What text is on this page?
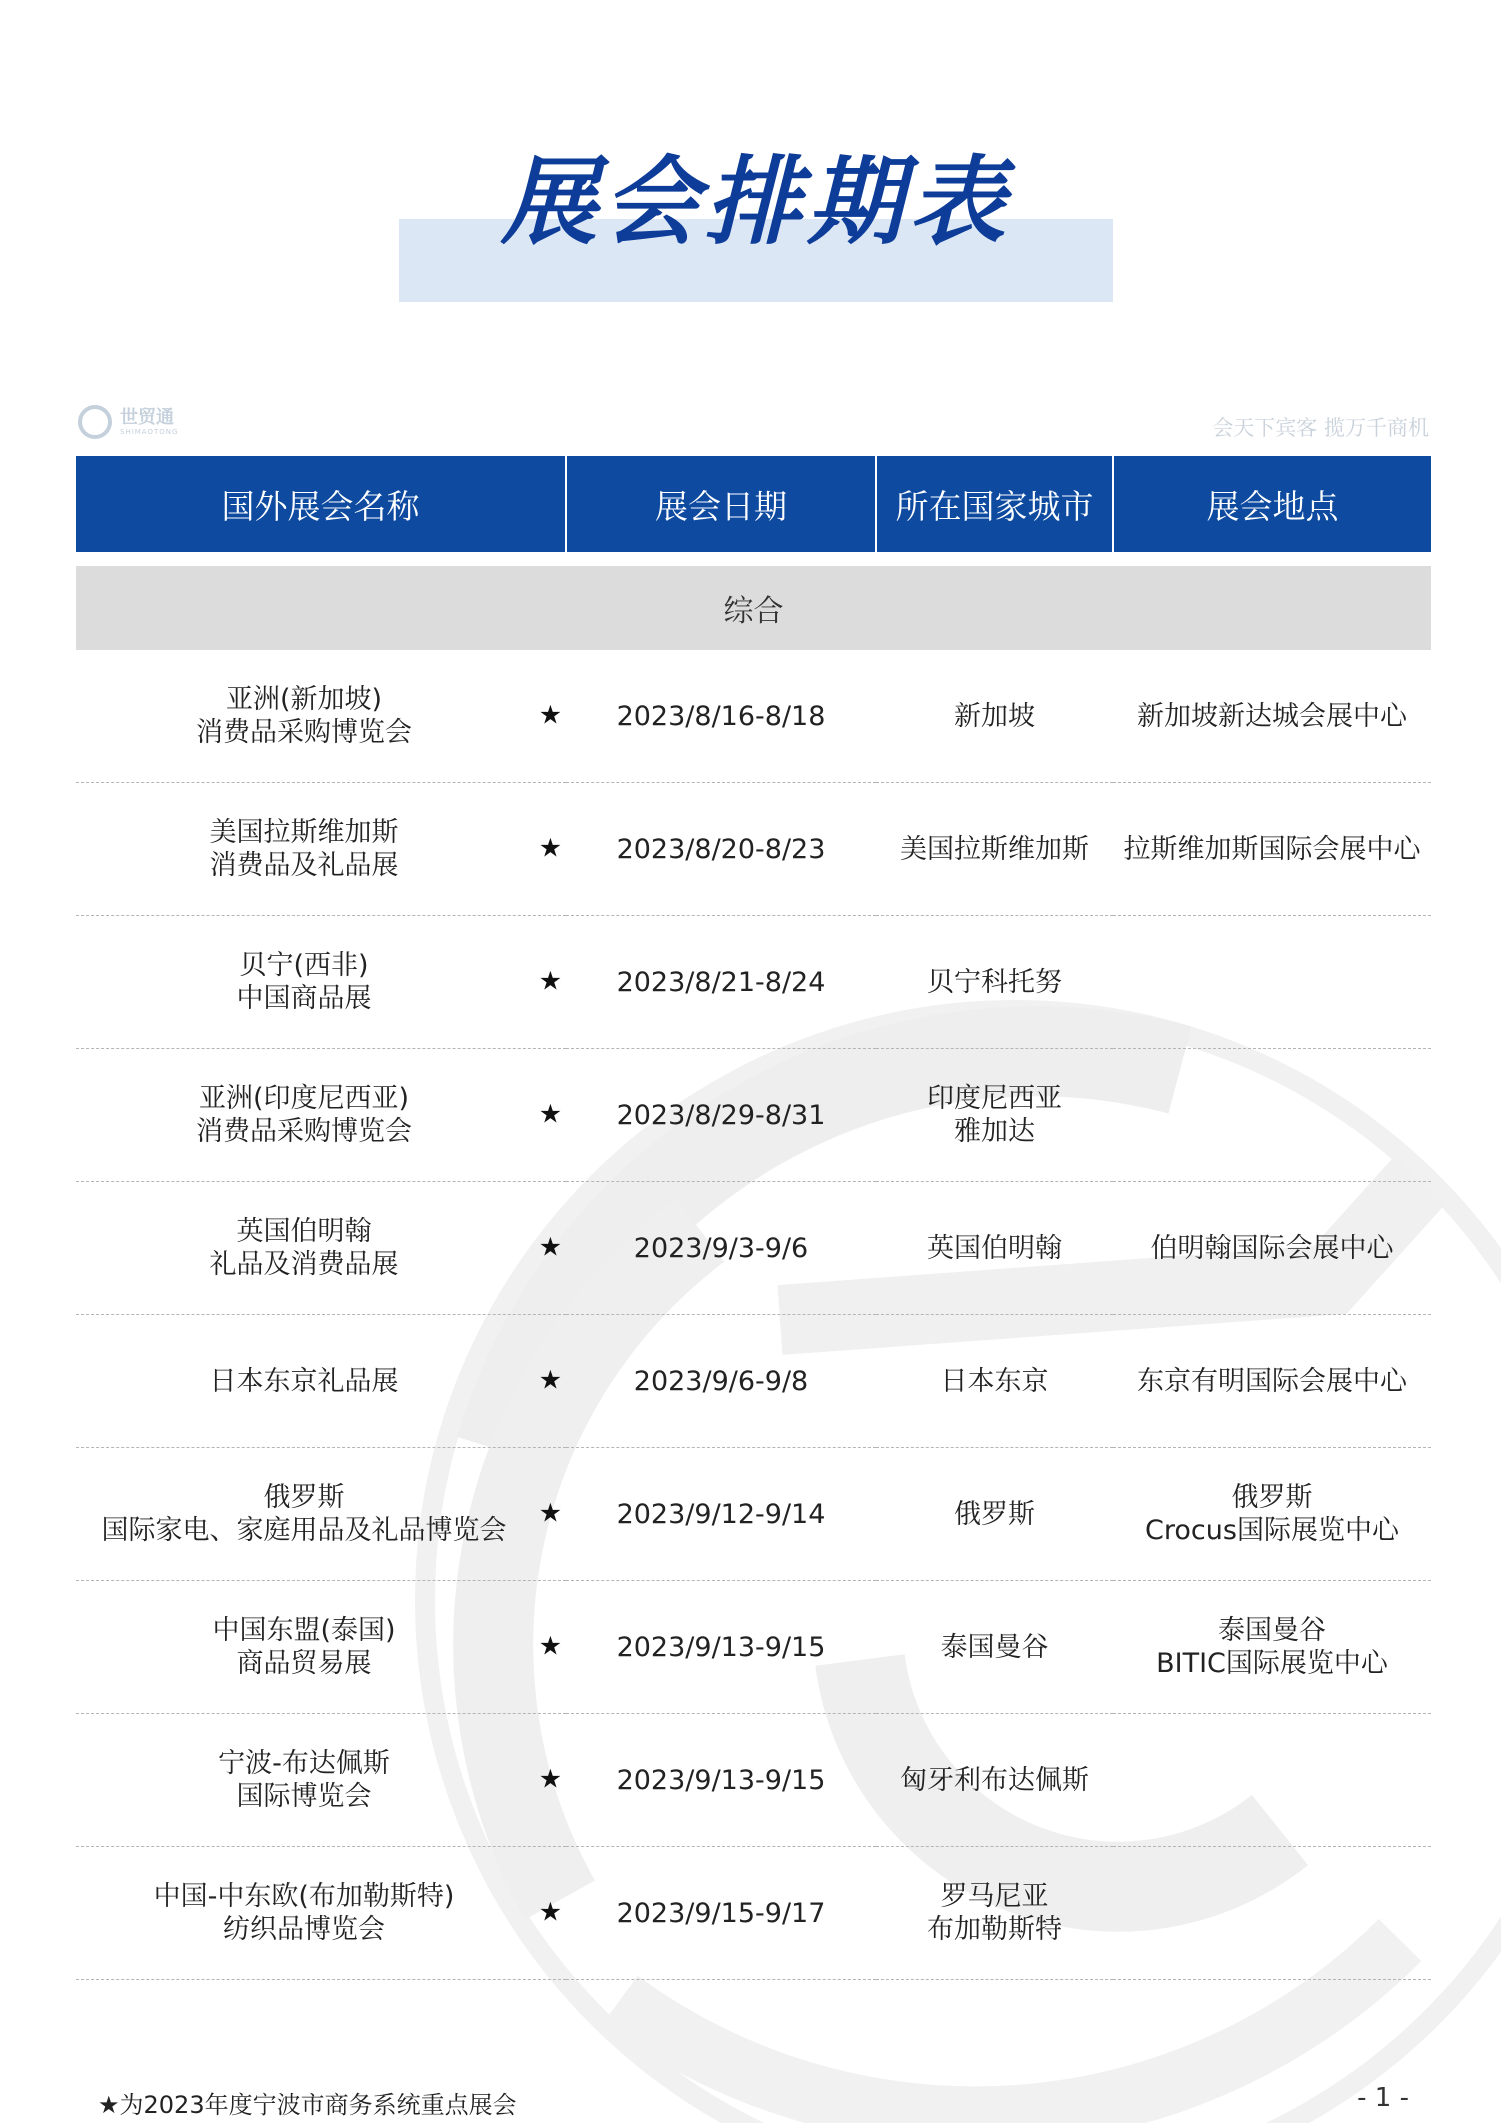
展会排期表
世贸通
SHIMAOTONG	会天下宾客 揽万千商机
国外展会名称	展会日期	所在国家城市	展会地点
综合			

亚洲(新加坡)
消费品采购博览会
★	2023/8/16-8/18	新加坡	新加坡新达城会展中心

美国拉斯维加斯
消费品及礼品展
★	2023/8/20-8/23	美国拉斯维加斯	拉斯维加斯国际会展中心

贝宁(西非)
中国商品展
★	2023/8/21-8/24	贝宁科托努	

亚洲(印度尼西亚)
消费品采购博览会
★	2023/8/29-8/31	印度尼西亚
雅加达	

英国伯明翰
礼品及消费品展
★	2023/9/3-9/6	英国伯明翰	伯明翰国际会展中心

日本东京礼品展 ★	2023/9/6-9/8	日本东京	东京有明国际会展中心

俄罗斯
国际家电、家庭用品及礼品博览会
★	2023/9/12-9/14	俄罗斯	俄罗斯
Crocus国际展览中心

中国东盟(泰国)
商品贸易展
★	2023/9/13-9/15	泰国曼谷	泰国曼谷
BITIC国际展览中心

宁波-布达佩斯
国际博览会
★	2023/9/13-9/15	匈牙利布达佩斯	

中国-中东欧(布加勒斯特)
纺织品博览会
★	2023/9/15-9/17	罗马尼亚
布加勒斯特	
★为2023年度宁波市商务系统重点展会	- 1 -
